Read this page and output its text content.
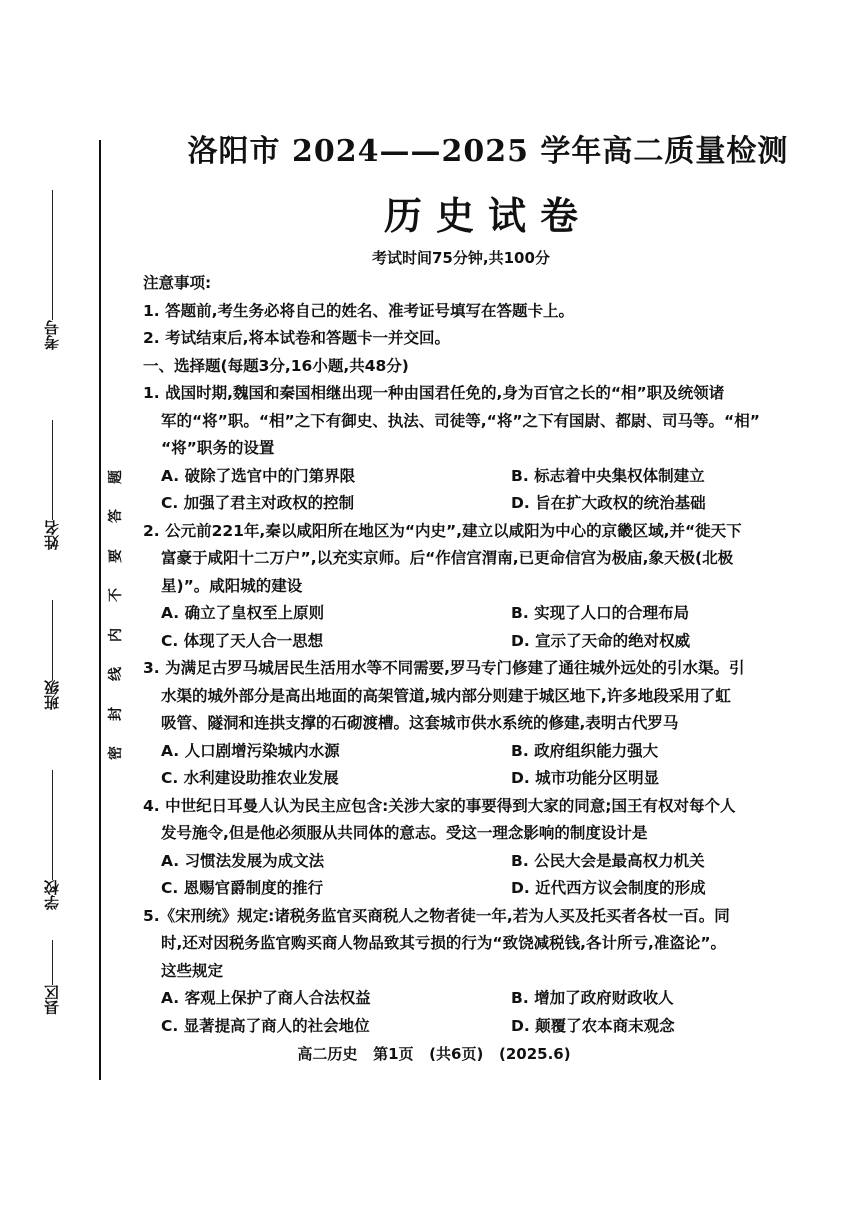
考号
姓名
班级
学校
县区
题
答
要
不
内
线
封
密
洛阳市 2024——2025 学年高二质量检测
历史试卷
考试时间75分钟,共100分
注意事项:
1. 答题前,考生务必将自己的姓名、准考证号填写在答题卡上。
2. 考试结束后,将本试卷和答题卡一并交回。
一、选择题(每题3分,16小题,共48分)
1. 战国时期,魏国和秦国相继出现一种由国君任免的,身为百官之长的“相”职及统领诸
军的“将”职。“相”之下有御史、执法、司徒等,“将”之下有国尉、都尉、司马等。“相”
“将”职务的设置
A. 破除了选官中的门第界限	B. 标志着中央集权体制建立
C. 加强了君主对政权的控制	D. 旨在扩大政权的统治基础
2. 公元前221年,秦以咸阳所在地区为“内史”,建立以咸阳为中心的京畿区域,并“徙天下
富豪于咸阳十二万户”,以充实京师。后“作信宫渭南,已更命信宫为极庙,象天极(北极
星)”。咸阳城的建设
A. 确立了皇权至上原则	B. 实现了人口的合理布局
C. 体现了天人合一思想	D. 宣示了天命的绝对权威
3. 为满足古罗马城居民生活用水等不同需要,罗马专门修建了通往城外远处的引水渠。引
水渠的城外部分是高出地面的高架管道,城内部分则建于城区地下,许多地段采用了虹
吸管、隧洞和连拱支撑的石砌渡槽。这套城市供水系统的修建,表明古代罗马
A. 人口剧增污染城内水源	B. 政府组织能力强大
C. 水利建设助推农业发展	D. 城市功能分区明显
4. 中世纪日耳曼人认为民主应包含:关涉大家的事要得到大家的同意;国王有权对每个人
发号施令,但是他必须服从共同体的意志。受这一理念影响的制度设计是
A. 习惯法发展为成文法	B. 公民大会是最高权力机关
C. 恩赐官爵制度的推行	D. 近代西方议会制度的形成
5.《宋刑统》规定:诸税务监官买商税人之物者徒一年,若为人买及托买者各杖一百。同
时,还对因税务监官购买商人物品致其亏损的行为“致饶减税钱,各计所亏,准盗论”。
这些规定
A. 客观上保护了商人合法权益	B. 增加了政府财政收人
C. 显著提高了商人的社会地位	D. 颠覆了农本商末观念
高二历史   第1页   (共6页)   (2025.6)
